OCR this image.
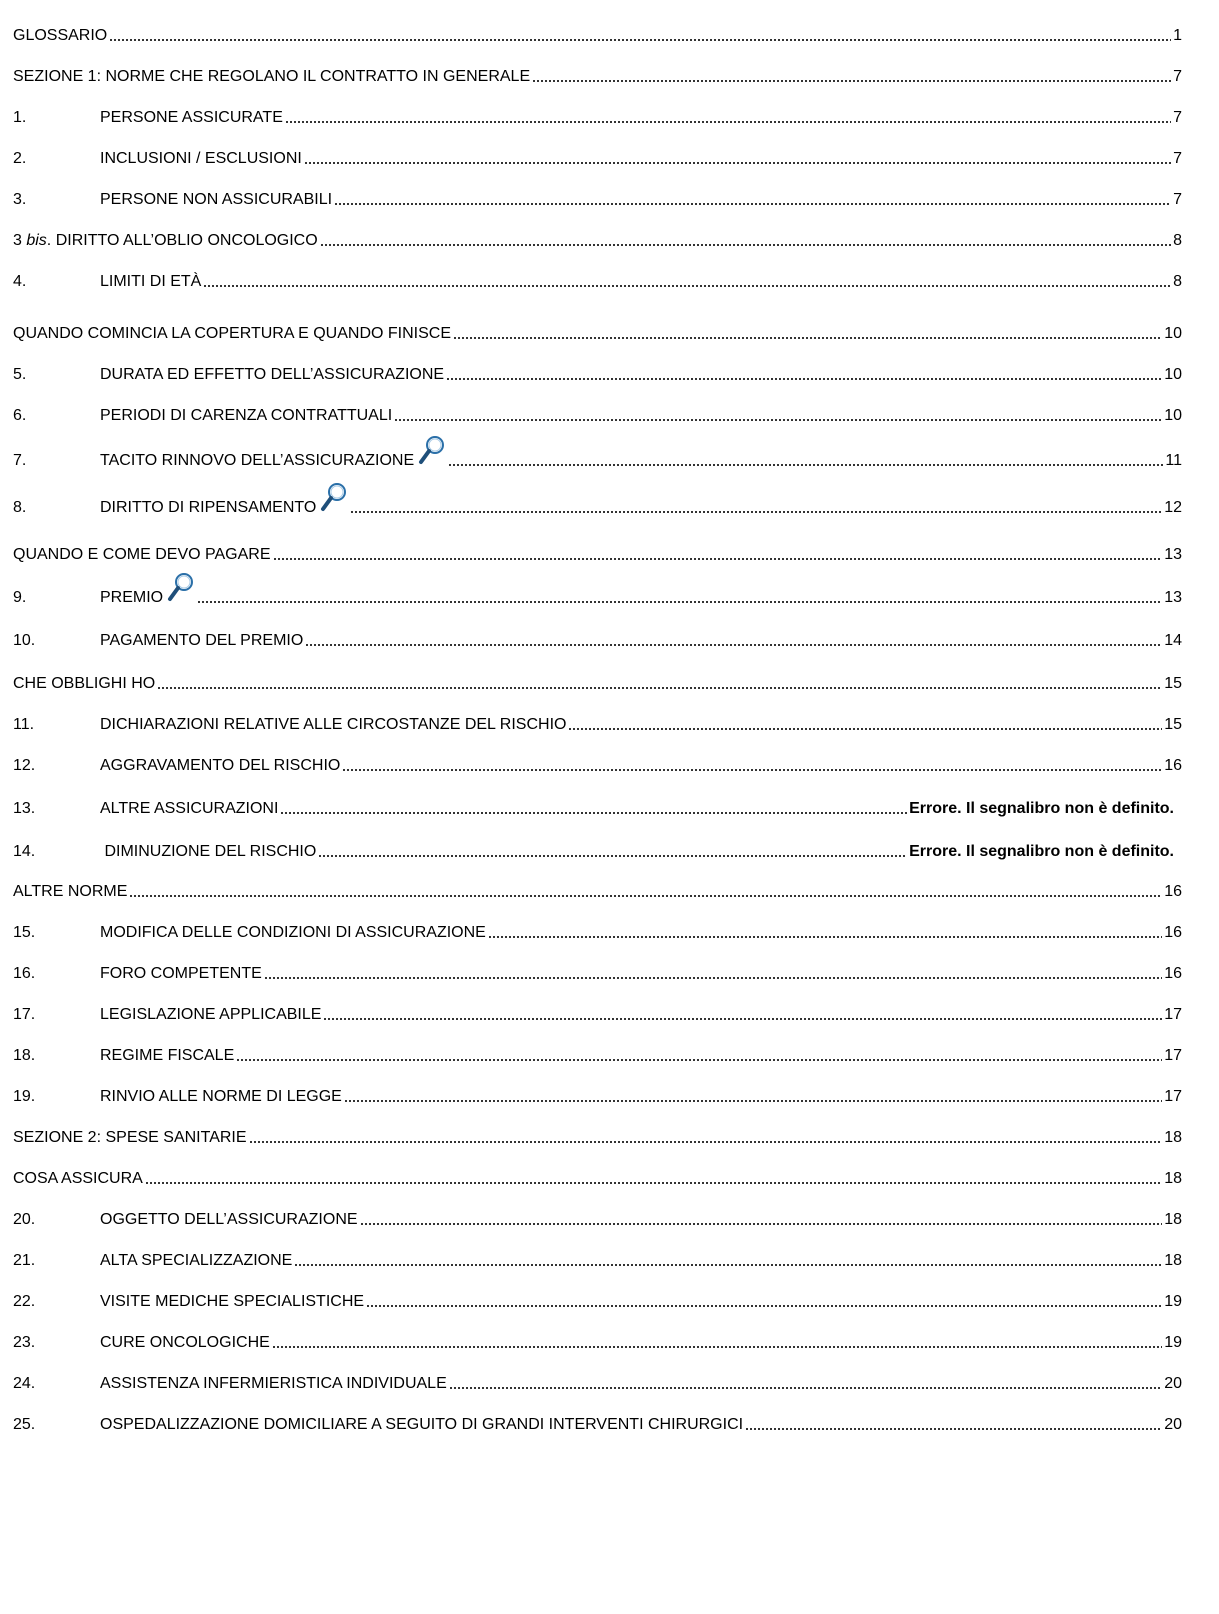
GLOSSARIO	1
SEZIONE 1: NORME CHE REGOLANO IL CONTRATTO IN GENERALE	7
1.	PERSONE ASSICURATE	7
2.	INCLUSIONI / ESCLUSIONI	7
3.	PERSONE NON ASSICURABILI	7
3 bis. DIRITTO ALL’OBLIO ONCOLOGICO	8
4.	LIMITI DI ETÀ	8
QUANDO COMINCIA LA COPERTURA E QUANDO FINISCE	10
5.	DURATA ED EFFETTO DELL’ASSICURAZIONE	10
6.	PERIODI DI CARENZA CONTRATTUALI	10
7.	TACITO RINNOVO DELL’ASSICURAZIONE	11
8.	DIRITTO DI RIPENSAMENTO	12
QUANDO E COME DEVO PAGARE	13
9.	PREMIO	13
10.	PAGAMENTO DEL PREMIO	14
CHE OBBLIGHI HO	15
11.	DICHIARAZIONI RELATIVE ALLE CIRCOSTANZE DEL RISCHIO	15
12.	AGGRAVAMENTO DEL RISCHIO	16
13.	ALTRE ASSICURAZIONI	Errore. Il segnalibro non è definito.
14.	DIMINUZIONE DEL RISCHIO	Errore. Il segnalibro non è definito.
ALTRE NORME	16
15.	MODIFICA DELLE CONDIZIONI DI ASSICURAZIONE	16
16.	FORO COMPETENTE	16
17.	LEGISLAZIONE APPLICABILE	17
18.	REGIME FISCALE	17
19.	RINVIO ALLE NORME DI LEGGE	17
SEZIONE 2: SPESE SANITARIE	18
COSA ASSICURA	18
20.	OGGETTO DELL’ASSICURAZIONE	18
21.	ALTA SPECIALIZZAZIONE	18
22.	VISITE MEDICHE SPECIALISTICHE	19
23.	CURE ONCOLOGICHE	19
24.	ASSISTENZA INFERMIERISTICA INDIVIDUALE	20
25.	OSPEDALIZZAZIONE DOMICILIARE A SEGUITO DI GRANDI INTERVENTI CHIRURGICI	20
